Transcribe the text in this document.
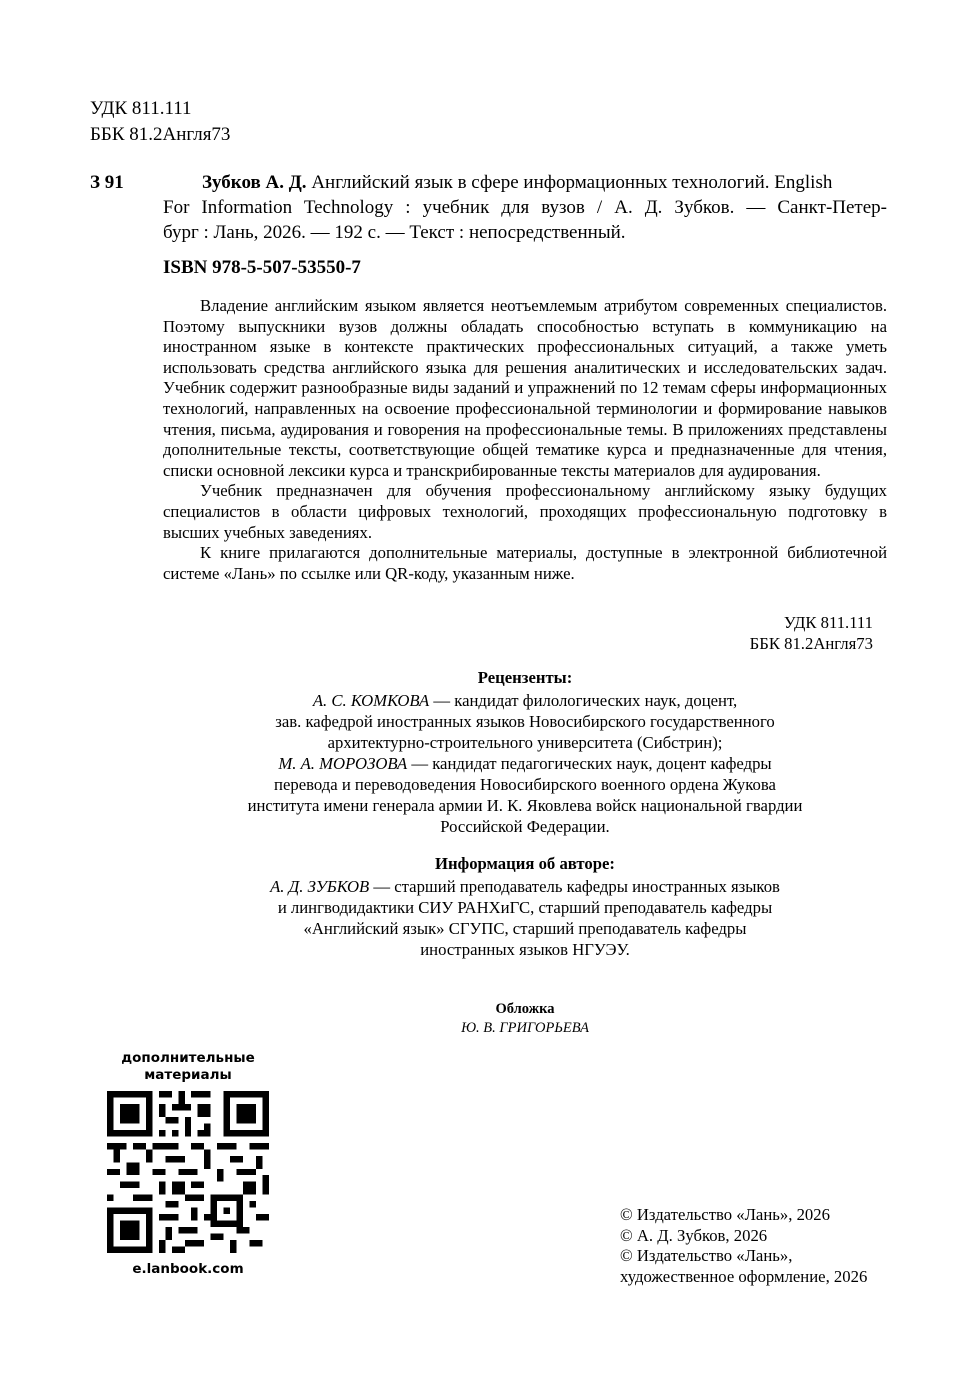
УДК 811.111
ББК 81.2Англя73
З 91	Зубков А. Д. Английский язык в сфере информационных технологий. English
For Information Technology : учебник для вузов / А. Д. Зубков. — Санкт-Петер-
бург : Лань, 2026. — 192 с. — Текст : непосредственный.
ISBN 978-5-507-53550-7

Владение английским языком является неотъемлемым атрибутом современных специалистов. Поэтому выпускники вузов должны обладать способностью вступать в коммуникацию на иностранном языке в контексте практических профессиональных ситуаций, а также уметь использовать средства английского языка для решения аналитических и исследовательских задач. Учебник содержит разнообразные виды заданий и упражнений по 12 темам сферы информационных технологий, направленных на освоение профессиональной терминологии и формирование навыков чтения, письма, аудирования и говорения на профессиональные темы. В приложениях представлены дополнительные тексты, соответствующие общей тематике курса и предназначенные для чтения, списки основной лексики курса и транскрибированные тексты материалов для аудирования.

Учебник предназначен для обучения профессиональному английскому языку будущих специалистов в области цифровых технологий, проходящих профессиональную подготовку в высших учебных заведениях.

К книге прилагаются дополнительные материалы, доступные в электронной библиотечной системе «Лань» по ссылке или QR-коду, указанным ниже.

УДК 811.111
ББК 81.2Англя73
Рецензенты:
А. С. КОМКОВА — кандидат филологических наук, доцент,
зав. кафедрой иностранных языков Новосибирского государственного
архитектурно-строительного университета (Сибстрин);
М. А. МОРОЗОВА — кандидат педагогических наук, доцент кафедры
перевода и переводоведения Новосибирского военного ордена Жукова
института имени генерала армии И. К. Яковлева войск национальной гвардии
Российской Федерации.
Информация об авторе:
А. Д. ЗУБКОВ — старший преподаватель кафедры иностранных языков
и лингводидактики СИУ РАНХиГС, старший преподаватель кафедры
«Английский язык» СГУПС, старший преподаватель кафедры
иностранных языков НГУЭУ.
Обложка
Ю. В. ГРИГОРЬЕВА
дополнительные
материалы
e.lanbook.com
© Издательство «Лань», 2026
© А. Д. Зубков, 2026
© Издательство «Лань»,
художественное оформление, 2026
